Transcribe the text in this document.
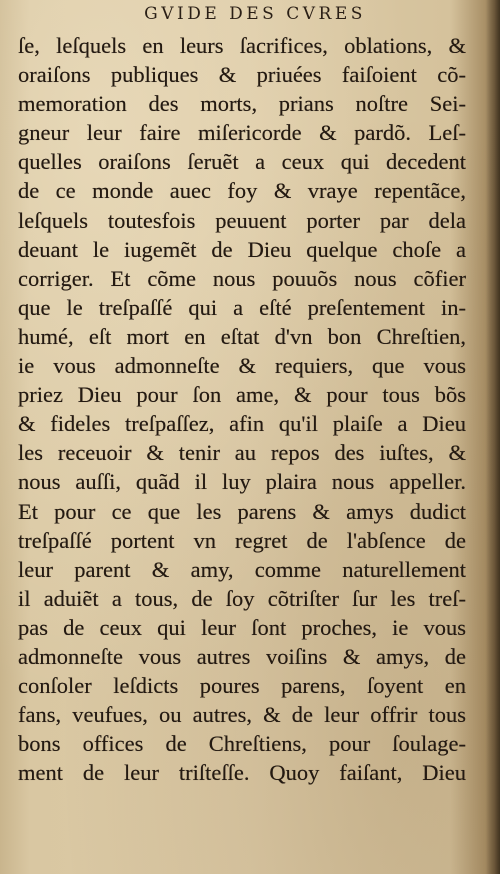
GVIDE DES CVRES
ſe, leſquels en leurs ſacrifices, oblations, &
oraiſons publiques & priuées faiſoient cõ-
memoration des morts, prians noſtre Sei-
gneur leur faire miſericorde & pardõ. Leſ-
quelles oraiſons ſeruẽt a ceux qui decedent
de ce monde auec foy & vraye repentãce,
leſquels toutesfois peuuent porter par dela
deuant le iugemẽt de Dieu quelque choſe a
corriger. Et cõme nous pouuõs nous cõfier
que le treſpaſſé qui a eſté preſentement in-
humé, eſt mort en eſtat d'vn bon Chreſtien,
ie vous admonneſte & requiers, que vous
priez Dieu pour ſon ame, & pour tous bõs
& fideles treſpaſſez, afin qu'il plaiſe a Dieu
les receuoir & tenir au repos des iuſtes, &
nous auſſi, quãd il luy plaira nous appeller.
Et pour ce que les parens & amys dudict
treſpaſſé portent vn regret de l'abſence de
leur parent & amy, comme naturellement
il aduiẽt a tous, de ſoy cõtriſter ſur les treſ-
pas de ceux qui leur ſont proches, ie vous
admonneſte vous autres voiſins & amys, de
conſoler leſdicts poures parens, ſoyent en
fans, veufues, ou autres, & de leur offrir tous
bons offices de Chreſtiens, pour ſoulage-
ment de leur triſteſſe. Quoy faiſant, Dieu
